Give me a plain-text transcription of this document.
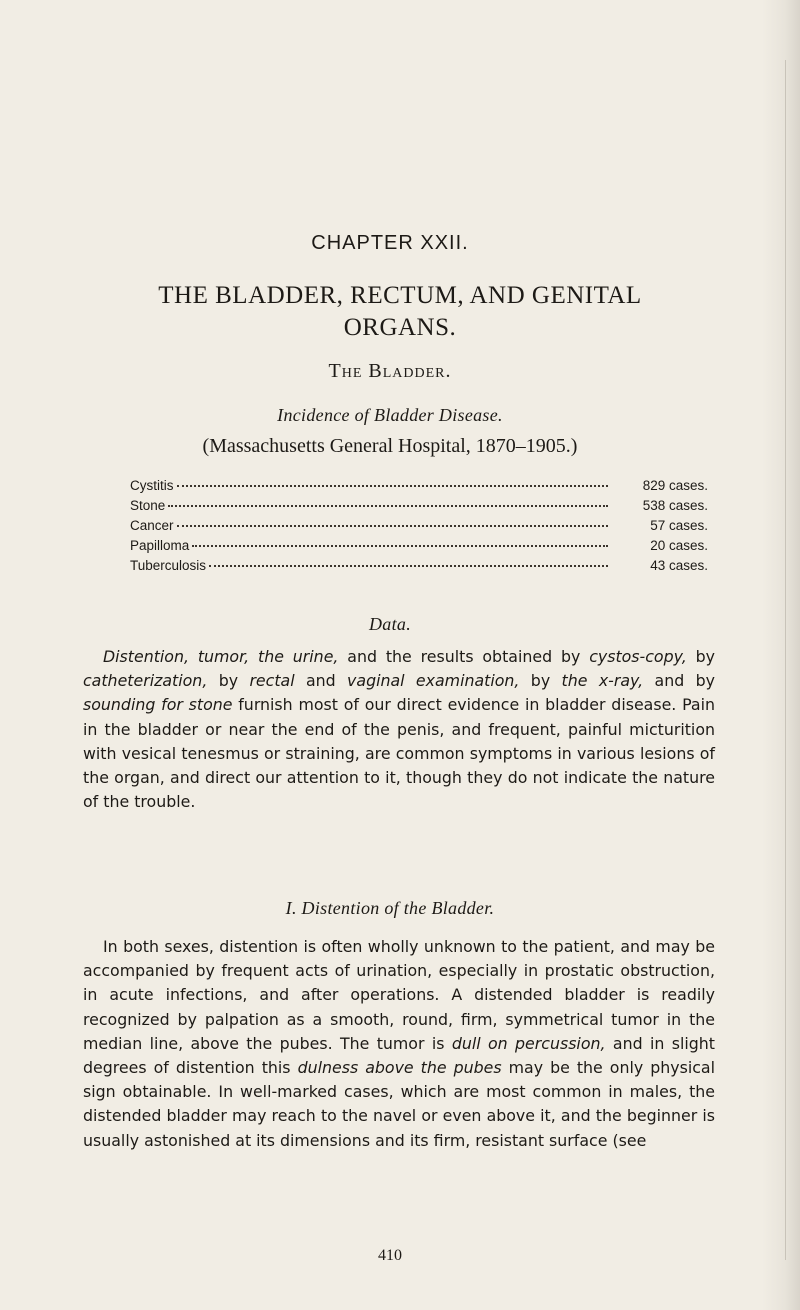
CHAPTER XXII.
THE BLADDER, RECTUM, AND GENITAL ORGANS.
The Bladder.
Incidence of Bladder Disease.
(Massachusetts General Hospital, 1870–1905.)
Cystitis	829 cases.
Stone	538 cases.
Cancer	57 cases.
Papilloma	20 cases.
Tuberculosis	43 cases.
Data.

Distention, tumor, the urine, and the results obtained by cystos-copy, by catheterization, by rectal and vaginal examination, by the x-ray, and by sounding for stone furnish most of our direct evidence in bladder disease. Pain in the bladder or near the end of the penis, and frequent, painful micturition with vesical tenesmus or straining, are common symptoms in various lesions of the organ, and direct our attention to it, though they do not indicate the nature of the trouble.

I. Distention of the Bladder.

In both sexes, distention is often wholly unknown to the patient, and may be accompanied by frequent acts of urination, especially in prostatic obstruction, in acute infections, and after operations. A distended bladder is readily recognized by palpation as a smooth, round, firm, symmetrical tumor in the median line, above the pubes. The tumor is dull on percussion, and in slight degrees of distention this dulness above the pubes may be the only physical sign obtainable. In well-marked cases, which are most common in males, the distended bladder may reach to the navel or even above it, and the beginner is usually astonished at its dimensions and its firm, resistant surface (see

410
